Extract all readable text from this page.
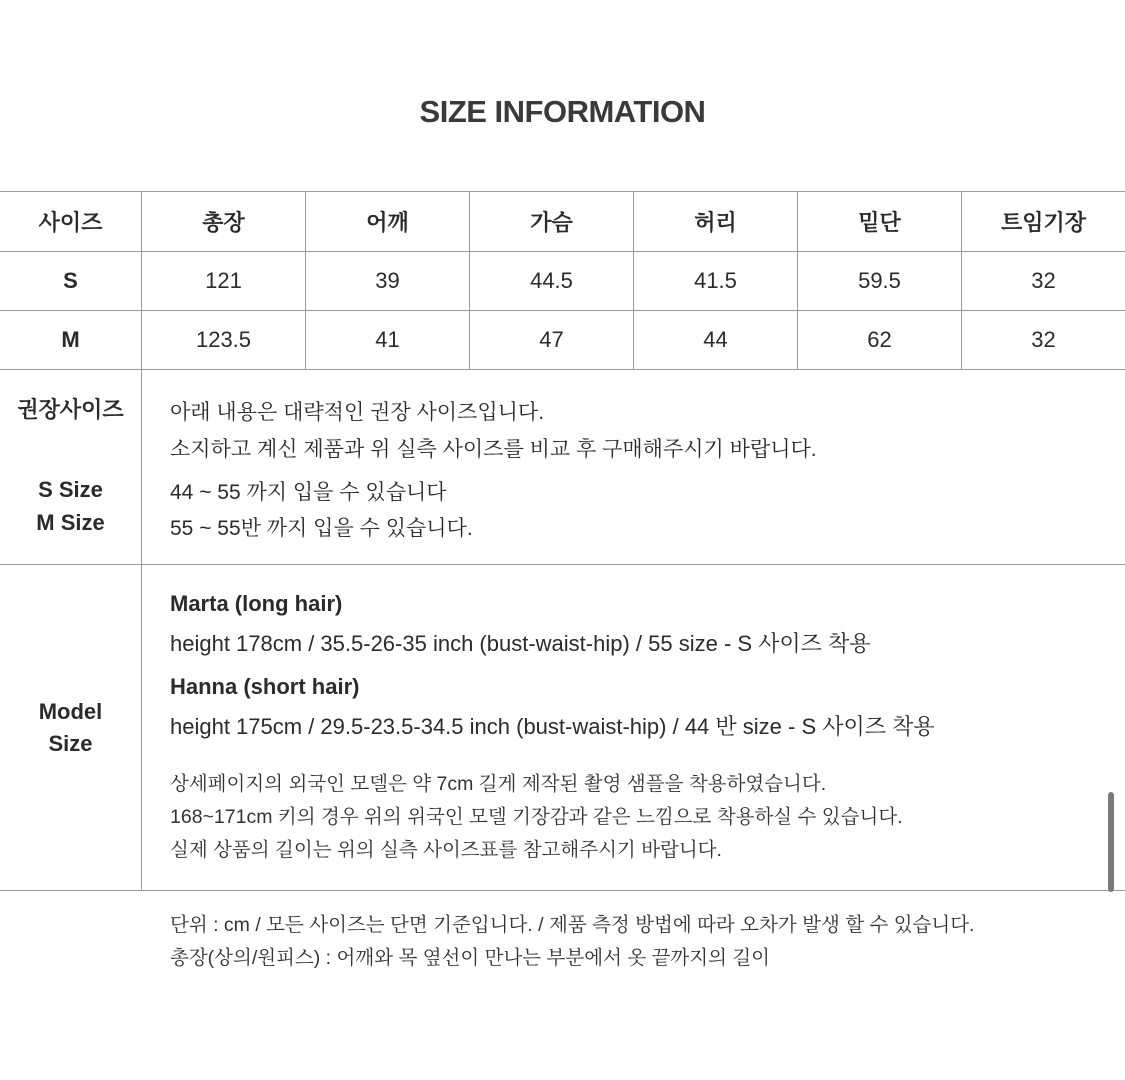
SIZE INFORMATION
사이즈	총장	어깨	가슴	허리	밑단	트임기장
S	121	39	44.5	41.5	59.5	32
M	123.5	41	47	44	62	32
권장사이즈
S Size
M Size
아래 내용은 대략적인 권장 사이즈입니다.
소지하고 계신 제품과 위 실측 사이즈를 비교 후 구매해주시기 바랍니다.
44 ~ 55 까지 입을 수 있습니다
55 ~ 55반 까지 입을 수 있습니다.
Model
Size
Marta (long hair)
height 178cm / 35.5-26-35 inch (bust-waist-hip) / 55 size - S 사이즈 착용
Hanna (short hair)
height 175cm / 29.5-23.5-34.5 inch (bust-waist-hip) / 44 반 size - S 사이즈 착용
상세페이지의 외국인 모델은 약 7cm 길게 제작된 촬영 샘플을 착용하였습니다.
168~171cm 키의 경우 위의 위국인 모델 기장감과 같은 느낌으로 착용하실 수 있습니다.
실제 상품의 길이는 위의 실측 사이즈표를 참고해주시기 바랍니다.
단위 : cm / 모든 사이즈는 단면 기준입니다. / 제품 측정 방법에 따라 오차가 발생 할 수 있습니다.
총장(상의/원피스) : 어깨와 목 옆선이 만나는 부분에서 옷 끝까지의 길이
